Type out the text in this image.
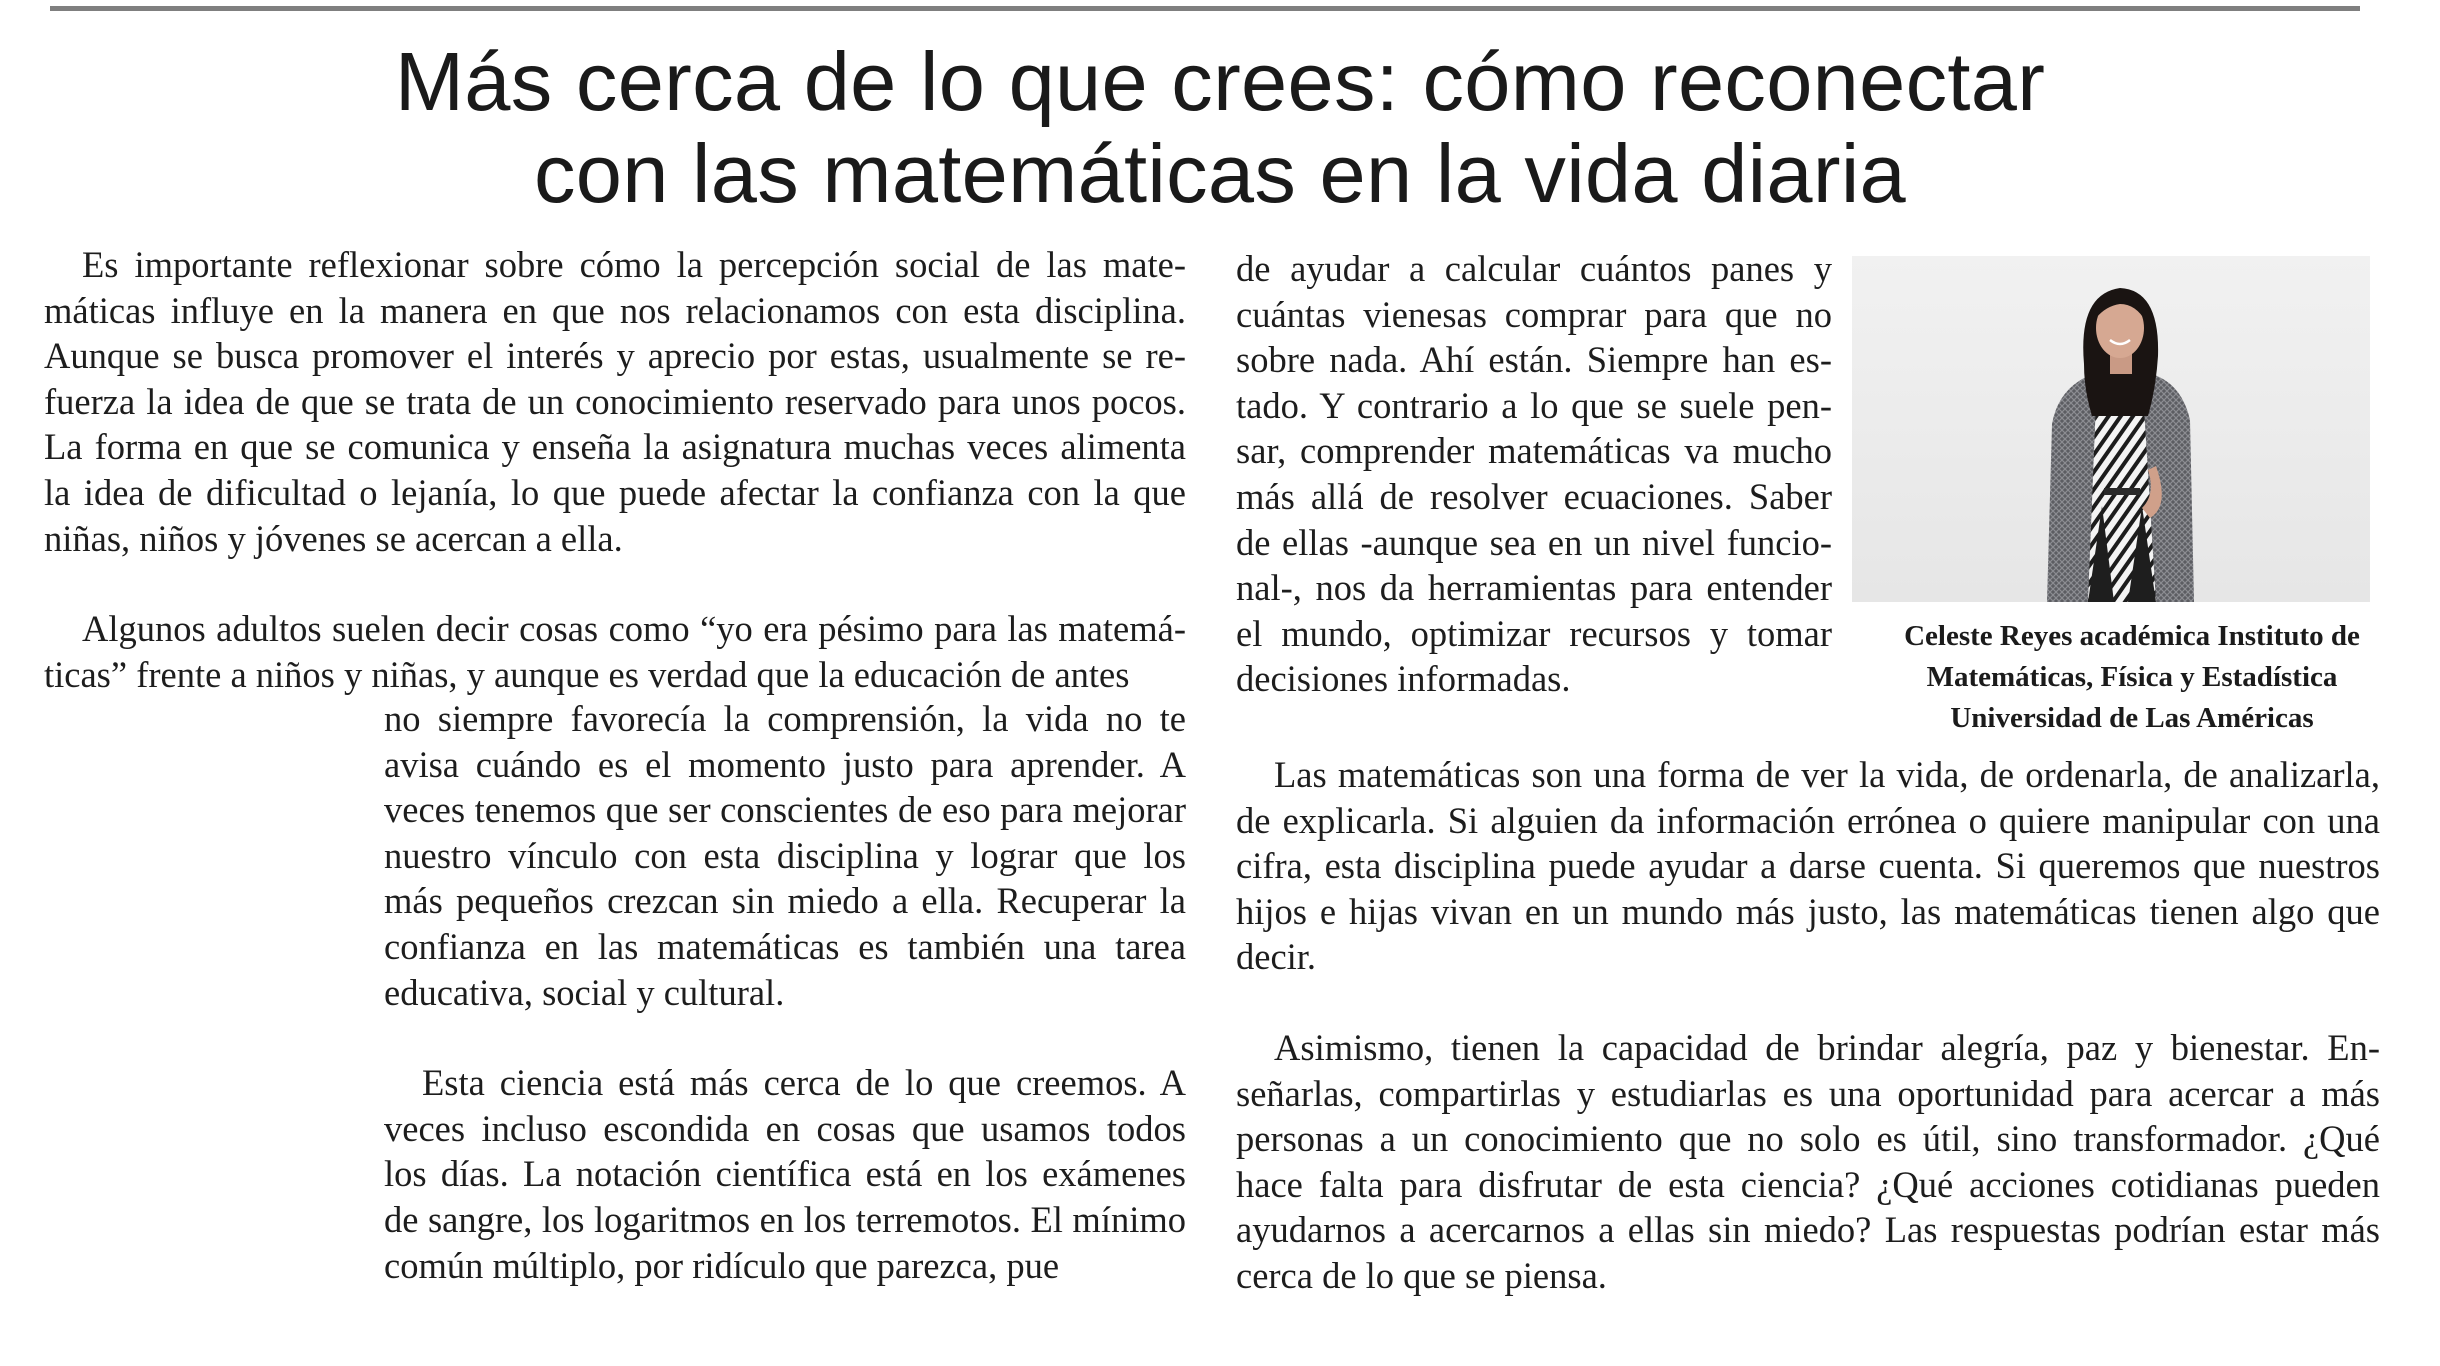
Más cerca de lo que crees: cómo reconectar
con las matemáticas en la vida diaria

Es importante reflexionar sobre cómo la percepción social de las matemáticas influye en la manera en que nos relacionamos con esta disciplina. Aunque se busca promover el interés y aprecio por estas, usualmente se refuerza la idea de que se trata de un conocimiento reservado para unos pocos. La forma en que se comunica y enseña la asignatura muchas veces alimenta la idea de dificultad o lejanía, lo que puede afectar la confianza con la que niñas, niños y jóvenes se acercan a ella.

Algunos adultos suelen decir cosas como “yo era pésimo para las matemáticas” frente a niños y niñas, y aunque es verdad que la educación de antes

no siempre favorecía la comprensión, la vida no te avisa cuándo es el momento justo para aprender. A veces tenemos que ser conscientes de eso para mejorar nuestro vínculo con esta disciplina y lograr que los más pequeños crezcan sin miedo a ella. Recuperar la confianza en las matemáticas es también una tarea educativa, social y cultural.

Esta ciencia está más cerca de lo que creemos. A veces incluso escondida en cosas que usamos todos los días. La notación científica está en los exámenes de sangre, los logaritmos en los terremotos. El mínimo común múltiplo, por ridículo que parezca, pue

de ayudar a calcular cuántos panes y cuántas vienesas comprar para que no sobre nada. Ahí están. Siempre han estado. Y contrario a lo que se suele pensar, comprender matemáticas va mucho más allá de resolver ecuaciones. Saber de ellas -aunque sea en un nivel funcional-, nos da herramientas para entender el mundo, optimizar recursos y tomar decisiones informadas.

Celeste Reyes académica Instituto de
Matemáticas, Física y Estadística
Universidad de Las Américas

Las matemáticas son una forma de ver la vida, de ordenarla, de analizarla, de explicarla. Si alguien da información errónea o quiere manipular con una cifra, esta disciplina puede ayudar a darse cuenta. Si queremos que nuestros hijos e hijas vivan en un mundo más justo, las matemáticas tienen algo que decir.

Asimismo, tienen la capacidad de brindar alegría, paz y bienestar. Enseñarlas, compartirlas y estudiarlas es una oportunidad para acercar a más personas a un conocimiento que no solo es útil, sino transformador. ¿Qué hace falta para disfrutar de esta ciencia? ¿Qué acciones cotidianas pueden ayudarnos a acercarnos a ellas sin miedo? Las respuestas podrían estar más cerca de lo que se piensa.
